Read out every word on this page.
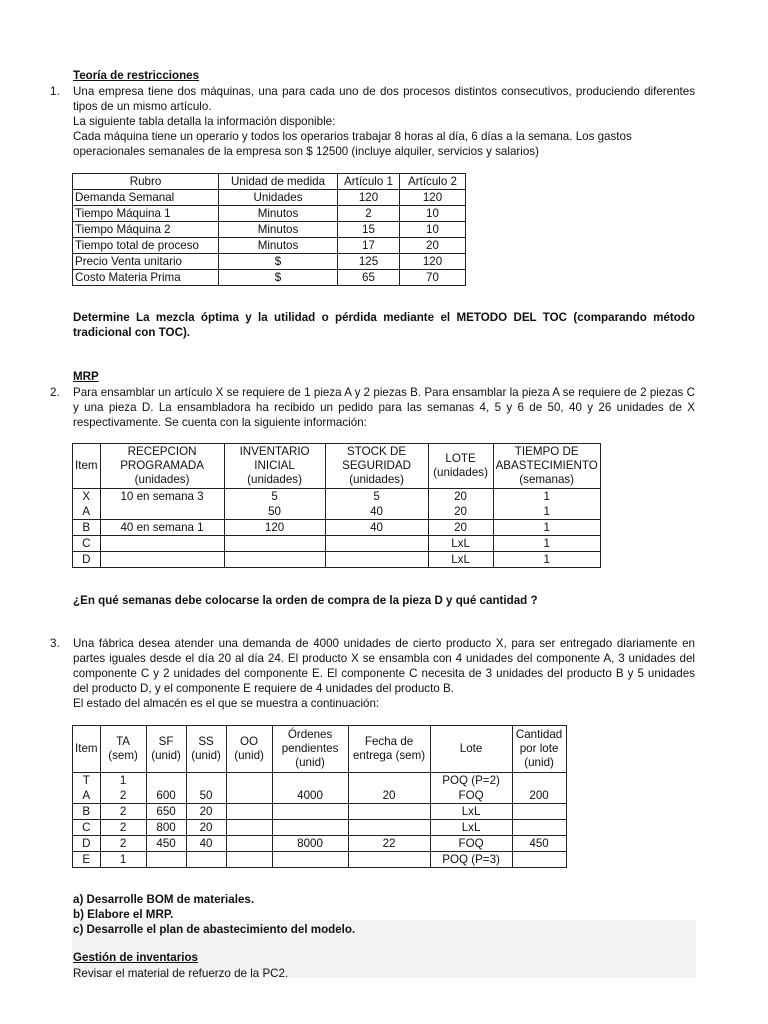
Teoría de restricciones
1. Una empresa tiene dos máquinas, una para cada uno de dos procesos distintos consecutivos, produciendo diferentes tipos de un mismo artículo.
La siguiente tabla detalla la información disponible:
Cada máquina tiene un operario y todos los operarios trabajar 8 horas al día, 6 días a la semana. Los gastos operacionales semanales de la empresa son $ 12500 (incluye alquiler, servicios y salarios)
Rubro	Unidad de medida	Artículo 1	Artículo 2
Demanda Semanal	Unidades	120	120
Tiempo Máquina 1	Minutos	2	10
Tiempo Máquina 2	Minutos	15	10
Tiempo total de proceso	Minutos	17	20
Precio Venta unitario	$	125	120
Costo Materia Prima	$	65	70
Determine La mezcla óptima y la utilidad o pérdida mediante el METODO DEL TOC (comparando método tradicional con TOC).
MRP
2. Para ensamblar un artículo X se requiere de 1 pieza A y 2 piezas B. Para ensamblar la pieza A se requiere de 2 piezas C y una pieza D. La ensambladora ha recibido un pedido para las semanas 4, 5 y 6 de 50, 40 y 26 unidades de X respectivamente. Se cuenta con la siguiente información:
Item	RECEPCION PROGRAMADA (unidades)	INVENTARIO INICIAL (unidades)	STOCK DE SEGURIDAD (unidades)	LOTE (unidades)	TIEMPO DE ABASTECIMIENTO (semanas)
X	10 en semana 3	5	5	20	1
A		50	40	20	1
B	40 en semana 1	120	40	20	1
C				LxL	1
D				LxL	1
¿En qué semanas debe colocarse la orden de compra de la pieza D y qué cantidad ?
3. Una fábrica desea atender una demanda de 4000 unidades de cierto producto X, para ser entregado diariamente en partes iguales desde el día 20 al día 24. El producto X se ensambla con 4 unidades del componente A, 3 unidades del componente C y 2 unidades del componente E. El componente C necesita de 3 unidades del producto B y 5 unidades del producto D, y el componente E requiere de 4 unidades del producto B.
El estado del almacén es el que se muestra a continuación:
Item	TA (sem)	SF (unid)	SS (unid)	OO (unid)	Órdenes pendientes (unid)	Fecha de entrega (sem)	Lote	Cantidad por lote (unid)
T	1						POQ (P=2)	
A	2	600	50		4000	20	FOQ	200
B	2	650	20				LxL	
C	2	800	20				LxL	
D	2	450	40		8000	22	FOQ	450
E	1						POQ (P=3)	
a) Desarrolle BOM de materiales.
b) Elabore el MRP.
c) Desarrolle el plan de abastecimiento del modelo.
Gestión de inventarios
Revisar el material de refuerzo de la PC2.
